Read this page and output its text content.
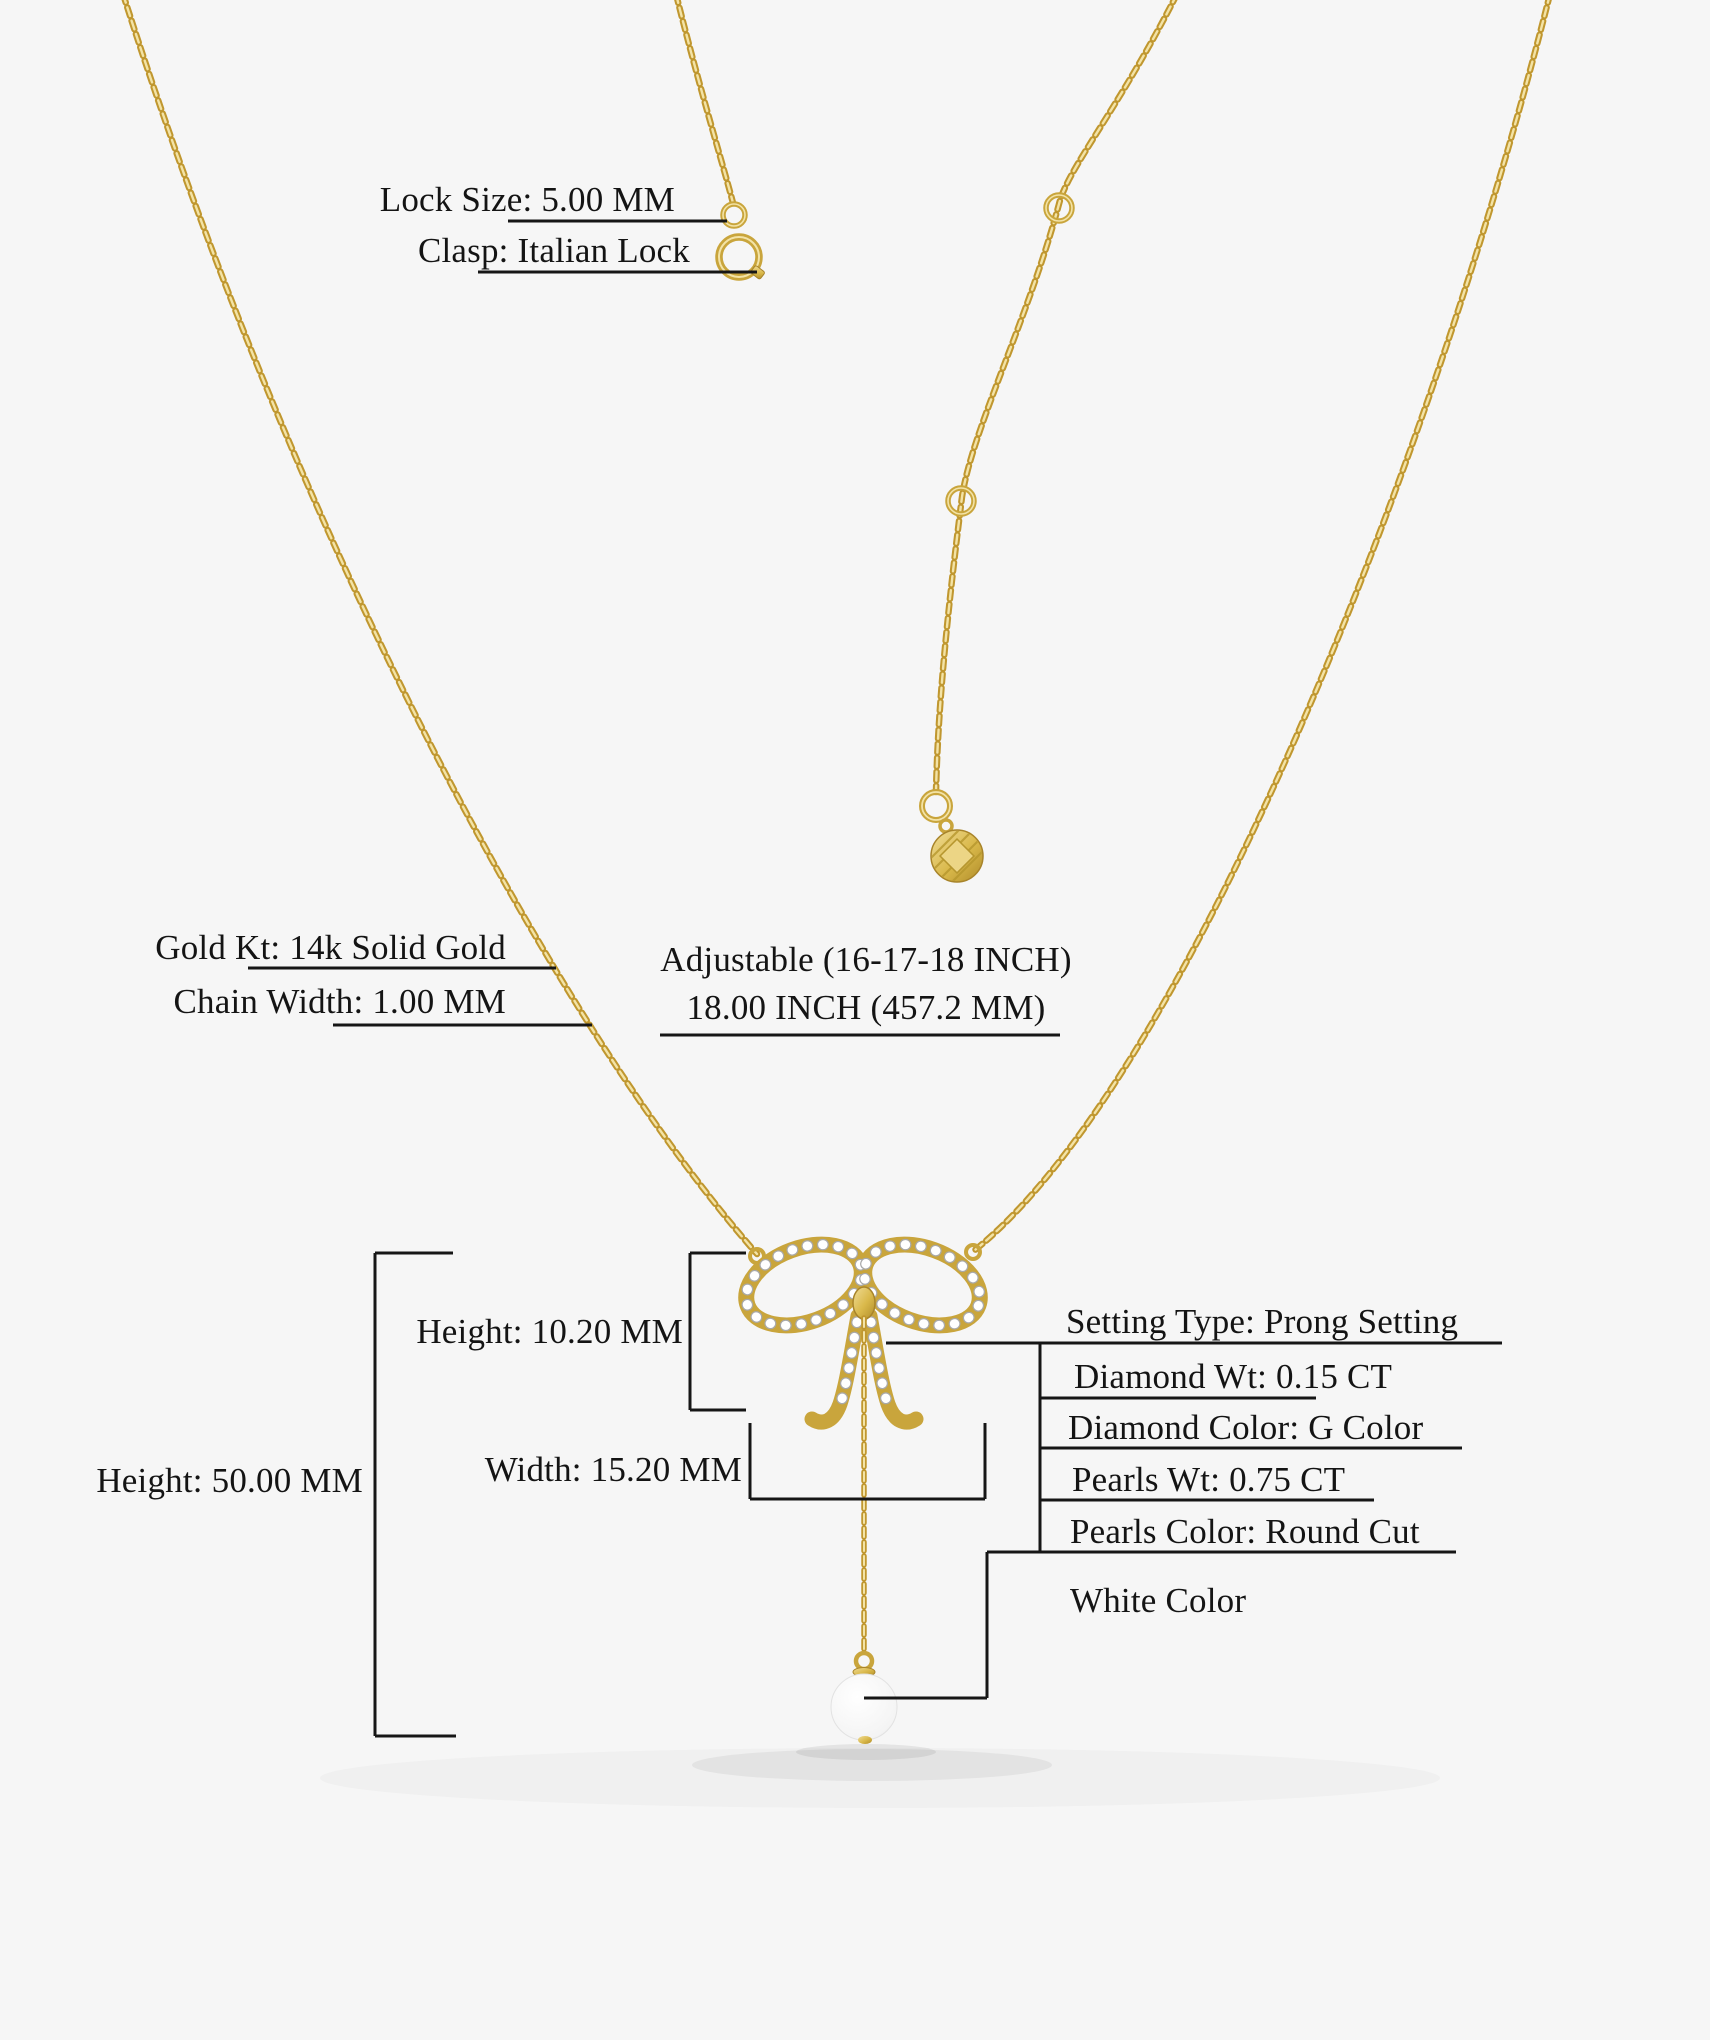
Lock Size: 5.00 MM
Clasp: Italian Lock
Gold Kt: 14k Solid Gold
Chain Width: 1.00 MM
Adjustable (16-17-18 INCH)
18.00 INCH (457.2 MM)
Height: 10.20 MM
Width: 15.20 MM
Height: 50.00 MM
Setting Type: Prong Setting
Diamond Wt: 0.15 CT
Diamond Color: G Color
Pearls Wt: 0.75 CT
Pearls Color: Round Cut
White Color
